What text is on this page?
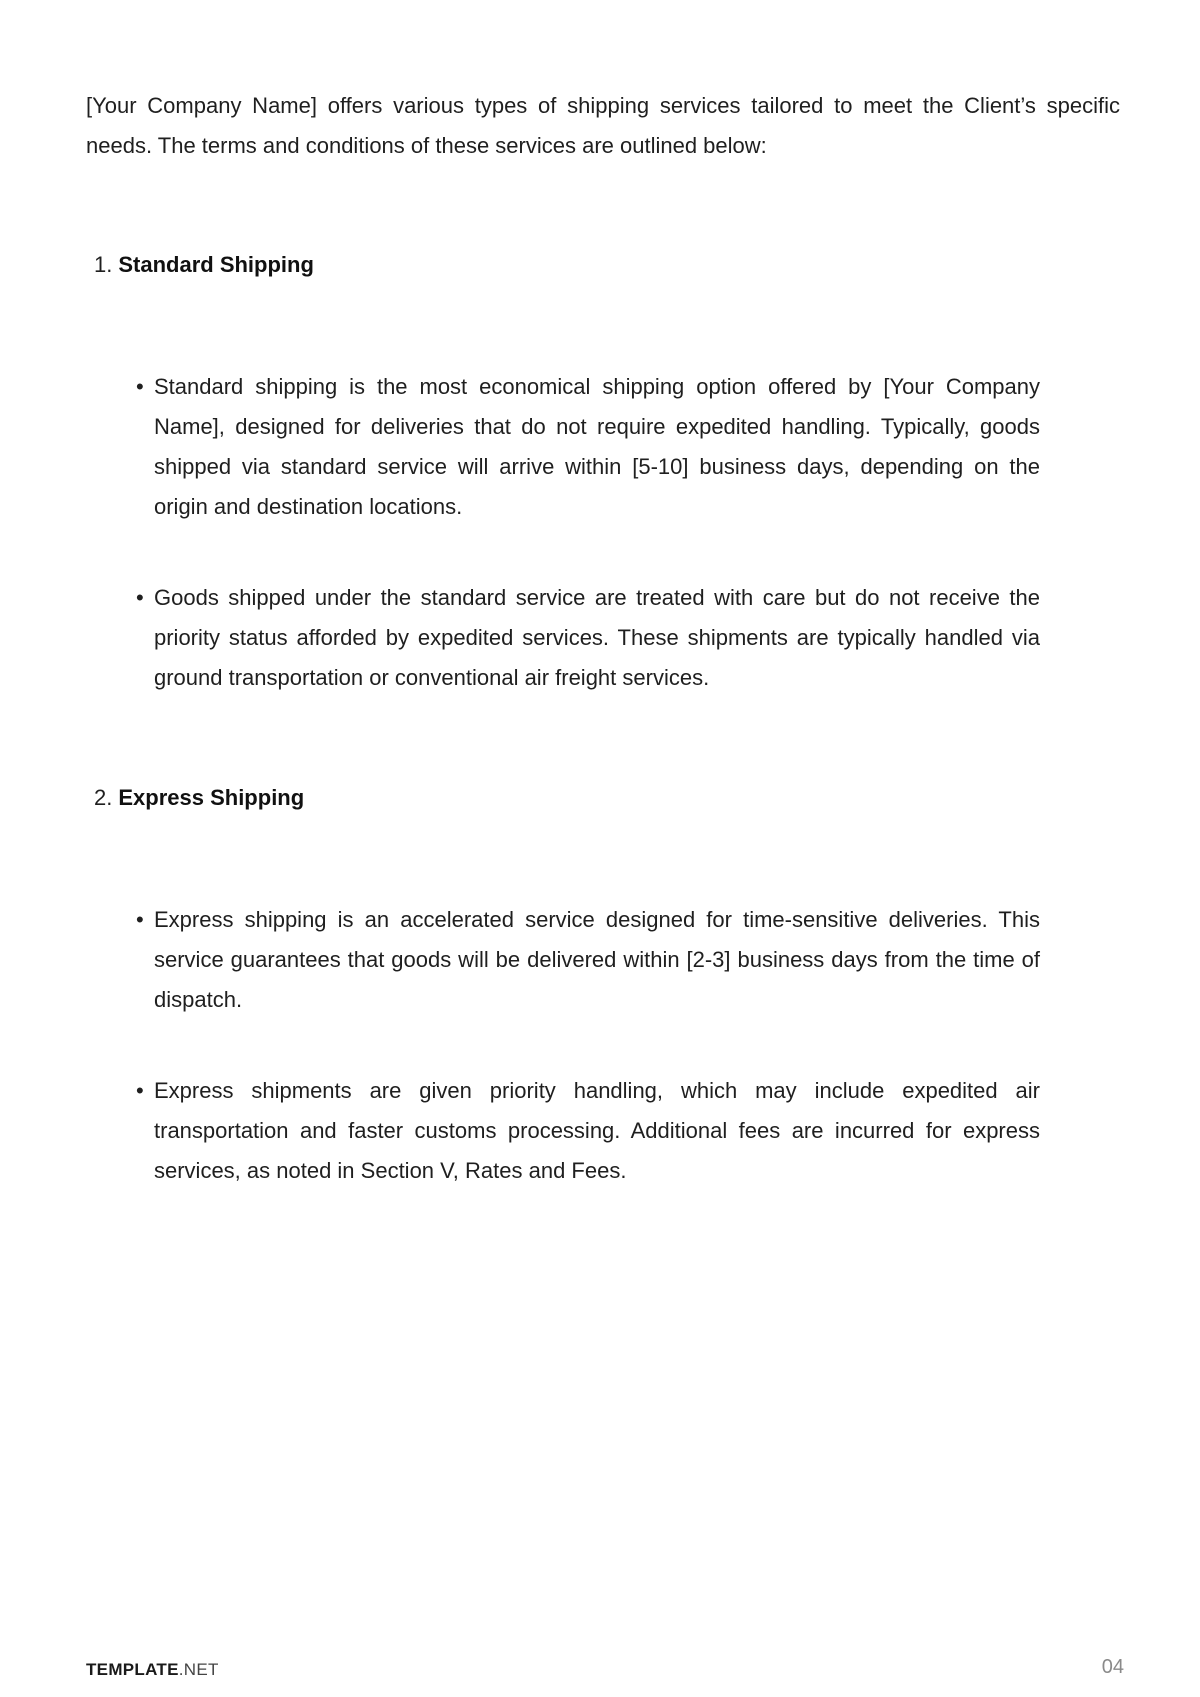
[Your Company Name] offers various types of shipping services tailored to meet the Client’s specific needs. The terms and conditions of these services are outlined below:

1. Standard Shipping

• Standard shipping is the most economical shipping option offered by [Your Company Name], designed for deliveries that do not require expedited handling. Typically, goods shipped via standard service will arrive within [5-10] business days, depending on the origin and destination locations.

• Goods shipped under the standard service are treated with care but do not receive the priority status afforded by expedited services. These shipments are typically handled via ground transportation or conventional air freight services.

2. Express Shipping

• Express shipping is an accelerated service designed for time-sensitive deliveries. This service guarantees that goods will be delivered within [2-3] business days from the time of dispatch.

• Express shipments are given priority handling, which may include expedited air transportation and faster customs processing. Additional fees are incurred for express services, as noted in Section V, Rates and Fees.

TEMPLATE.NET	04
